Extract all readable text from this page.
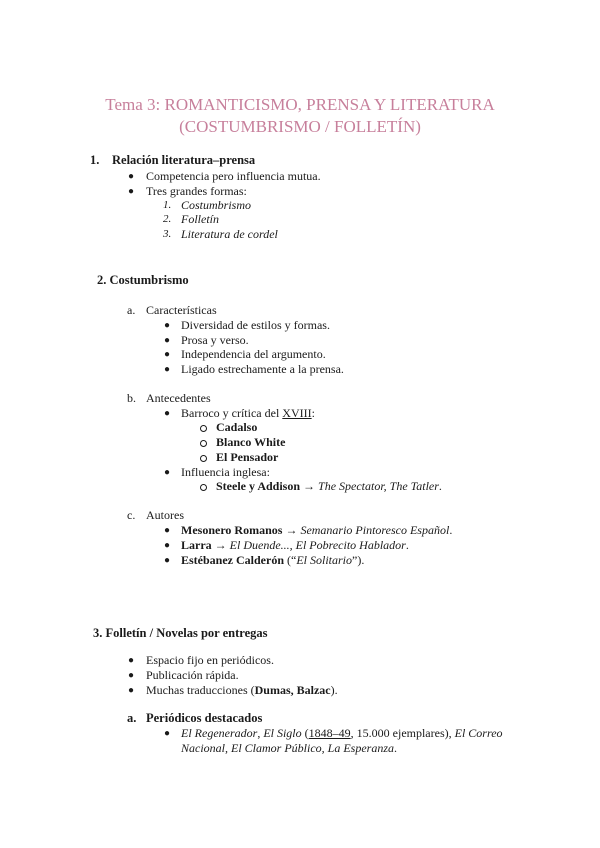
Tema 3: ROMANTICISMO, PRENSA Y LITERATURA
(COSTUMBRISMO / FOLLETÍN)
1. Relación literatura–prensa
● Competencia pero influencia mutua.
● Tres grandes formas:
1. Costumbrismo
2. Folletín
3. Literatura de cordel
2. Costumbrismo
a. Características
● Diversidad de estilos y formas.
● Prosa y verso.
● Independencia del argumento.
● Ligado estrechamente a la prensa.
b. Antecedentes
● Barroco y crítica del XVIII:
Cadalso
Blanco White
El Pensador
● Influencia inglesa:
Steele y Addison → The Spectator, The Tatler.
c. Autores
● Mesonero Romanos → Semanario Pintoresco Español.
● Larra → El Duende..., El Pobrecito Hablador.
● Estébanez Calderón (“El Solitario”).
3. Folletín / Novelas por entregas
● Espacio fijo en periódicos.
● Publicación rápida.
● Muchas traducciones (Dumas, Balzac).
a. Periódicos destacados
● El Regenerador, El Siglo (1848–49, 15.000 ejemplares), El Correo
Nacional, El Clamor Público, La Esperanza.
